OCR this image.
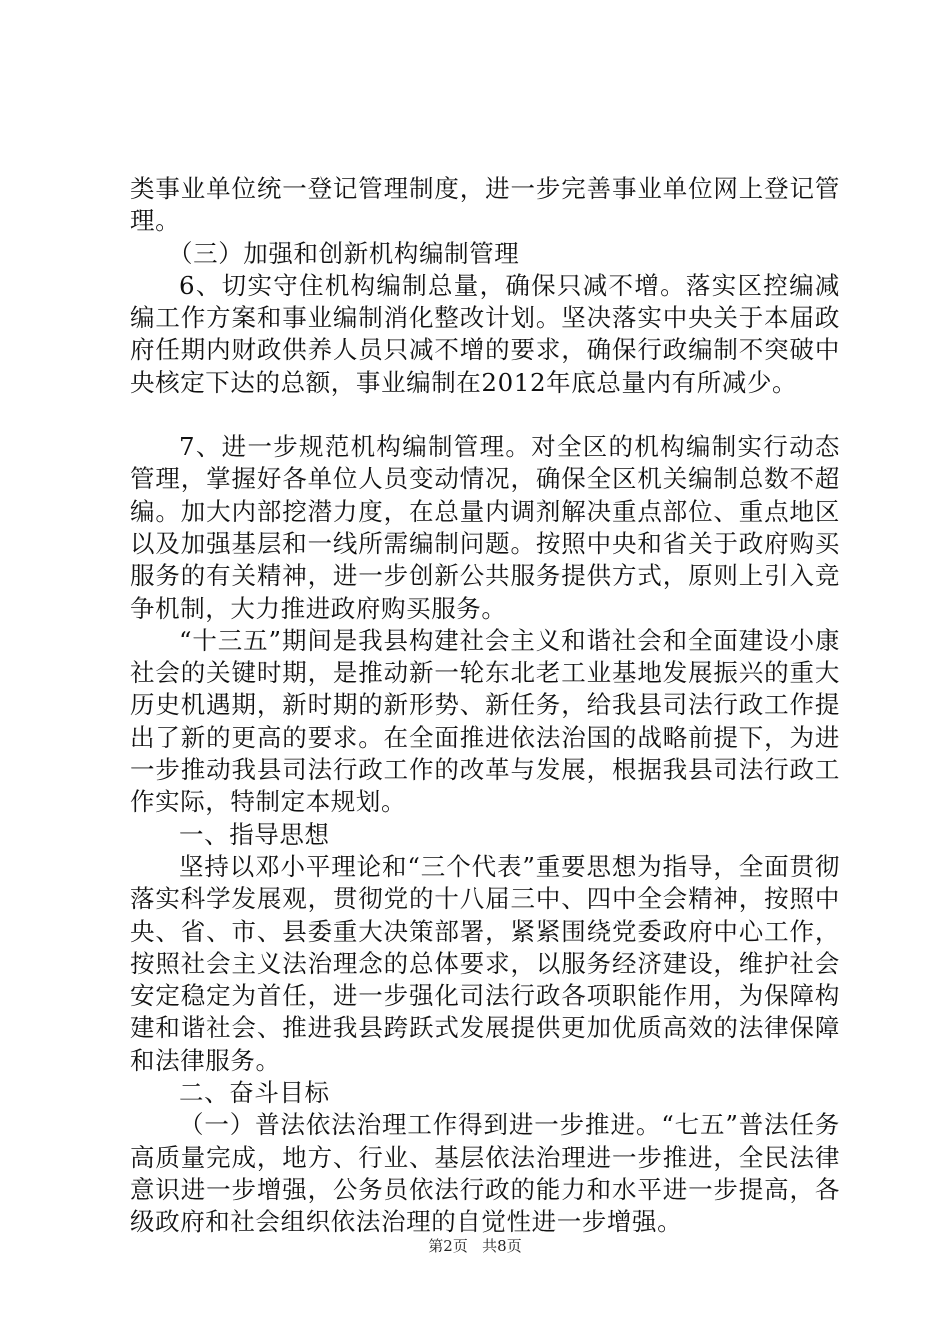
类事业单位统一登记管理制度，进一步完善事业单位网上登记管理。

（三）加强和创新机构编制管理

6、切实守住机构编制总量，确保只减不增。落实区控编减编工作方案和事业编制消化整改计划。坚决落实中央关于本届政府任期内财政供养人员只减不增的要求，确保行政编制不突破中央核定下达的总额，事业编制在2012年底总量内有所减少。

7、进一步规范机构编制管理。对全区的机构编制实行动态管理，掌握好各单位人员变动情况，确保全区机关编制总数不超编。加大内部挖潜力度，在总量内调剂解决重点部位、重点地区以及加强基层和一线所需编制问题。按照中央和省关于政府购买服务的有关精神，进一步创新公共服务提供方式，原则上引入竞争机制，大力推进政府购买服务。

“十三五”期间是我县构建社会主义和谐社会和全面建设小康社会的关键时期，是推动新一轮东北老工业基地发展振兴的重大历史机遇期，新时期的新形势、新任务，给我县司法行政工作提出了新的更高的要求。在全面推进依法治国的战略前提下，为进一步推动我县司法行政工作的改革与发展，根据我县司法行政工作实际，特制定本规划。

一、指导思想

坚持以邓小平理论和“三个代表”重要思想为指导，全面贯彻落实科学发展观，贯彻党的十八届三中、四中全会精神，按照中央、省、市、县委重大决策部署，紧紧围绕党委政府中心工作，按照社会主义法治理念的总体要求，以服务经济建设，维护社会安定稳定为首任，进一步强化司法行政各项职能作用，为保障构建和谐社会、推进我县跨跃式发展提供更加优质高效的法律保障和法律服务。

二、奋斗目标

（一）普法依法治理工作得到进一步推进。“七五”普法任务高质量完成，地方、行业、基层依法治理进一步推进，全民法律意识进一步增强，公务员依法行政的能力和水平进一步提高，各级政府和社会组织依法治理的自觉性进一步增强。

第2页 共8页
